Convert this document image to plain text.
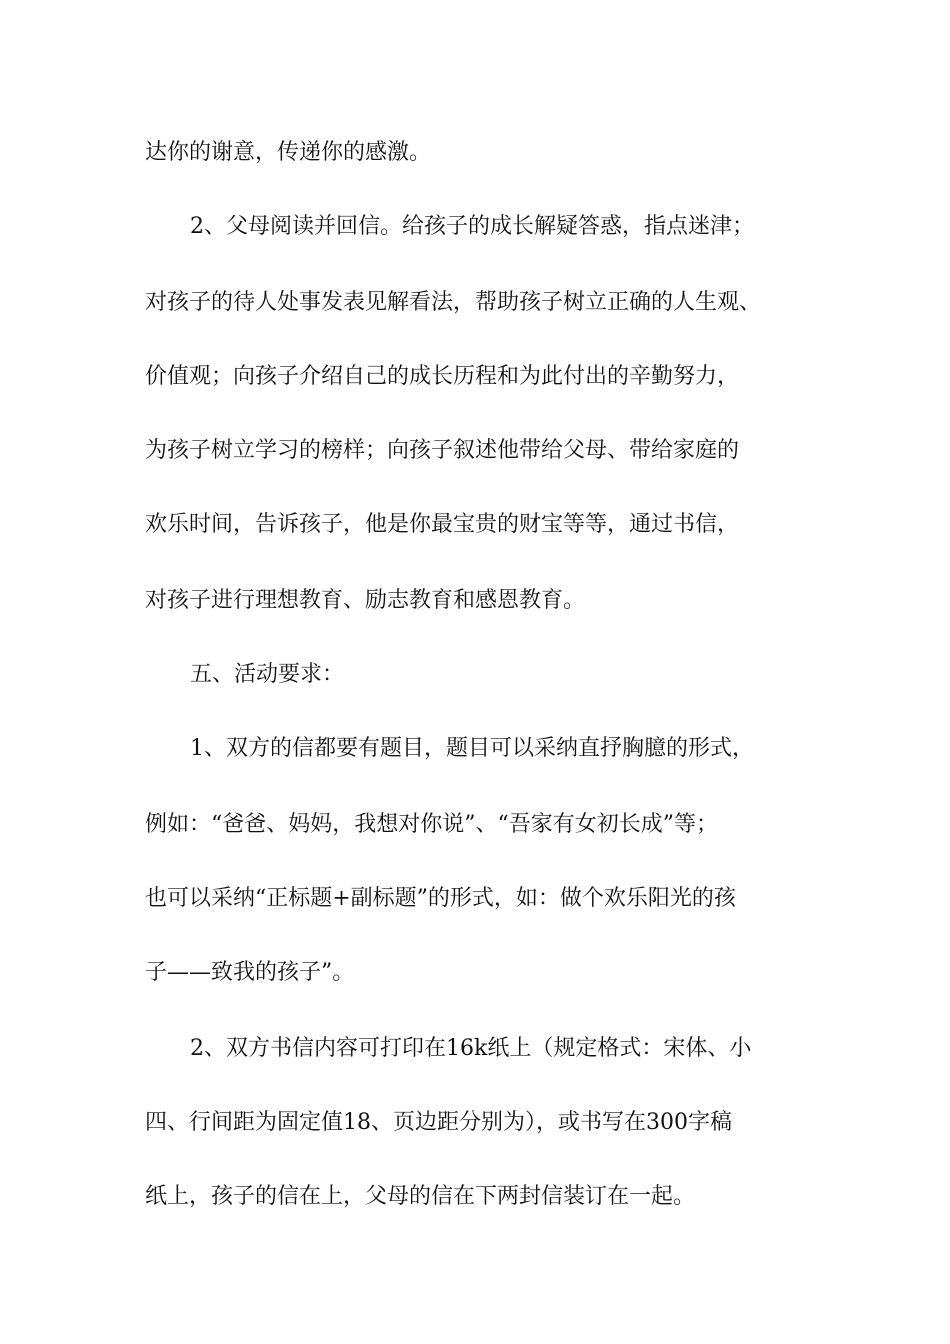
达你的谢意，传递你的感激。
2、父母阅读并回信。给孩子的成长解疑答惑，指点迷津；
对孩子的待人处事发表见解看法，帮助孩子树立正确的人生观、
价值观；向孩子介绍自己的成长历程和为此付出的辛勤努力，
为孩子树立学习的榜样；向孩子叙述他带给父母、带给家庭的
欢乐时间，告诉孩子，他是你最宝贵的财宝等等，通过书信，
对孩子进行理想教育、励志教育和感恩教育。
五、活动要求：
1、双方的信都要有题目，题目可以采纳直抒胸臆的形式，
例如：“爸爸、妈妈，我想对你说”、“吾家有女初长成”等；
也可以采纳“正标题+副标题”的形式，如：做个欢乐阳光的孩
子——致我的孩子”。
2、双方书信内容可打印在16k纸上（规定格式：宋体、小
四、行间距为固定值18、页边距分别为），或书写在300字稿
纸上，孩子的信在上，父母的信在下两封信装订在一起。
